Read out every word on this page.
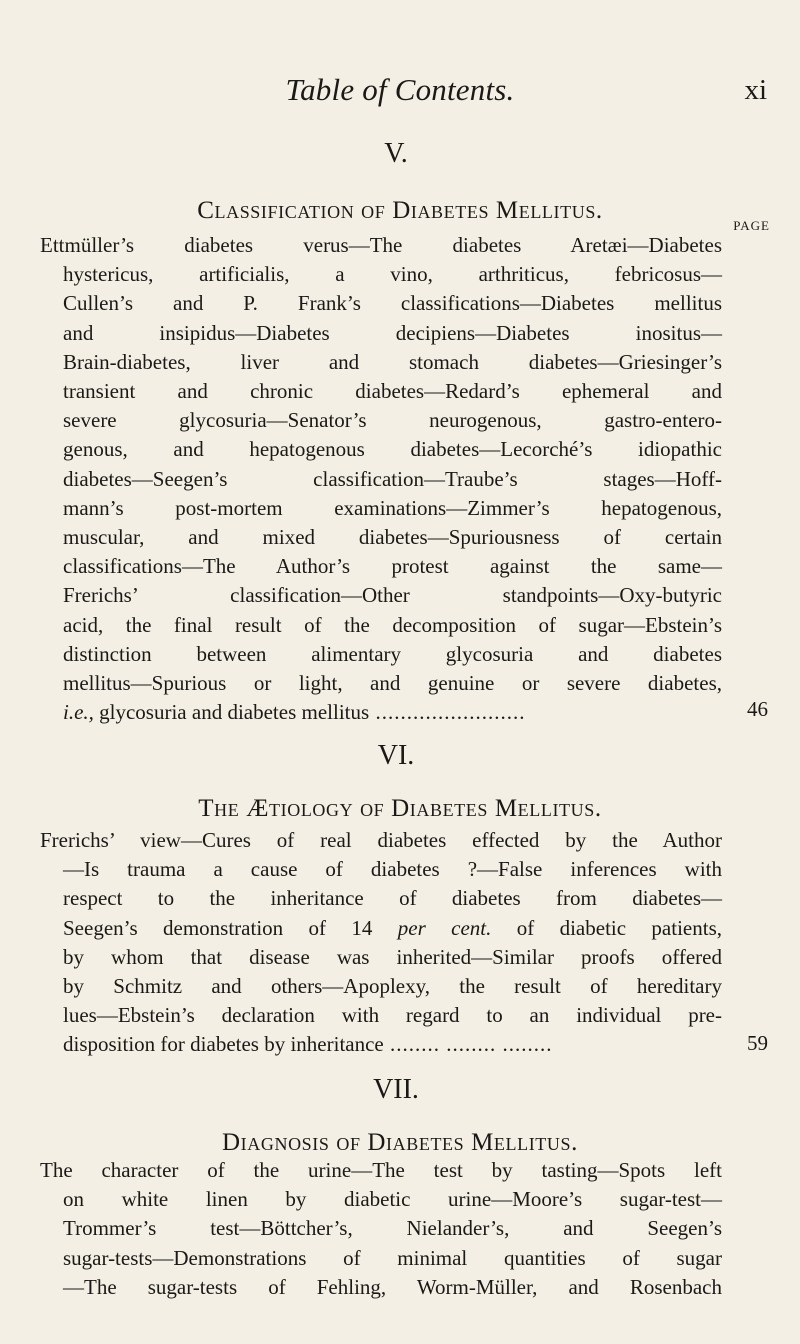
Table of Contents.	xi
V.
Classification of Diabetes Mellitus.
PAGE
Ettmüller’s diabetes verus—The diabetes Aretæi—Diabetes
hystericus, artificialis, a vino, arthriticus, febricosus—
Cullen’s and P. Frank’s classifications—Diabetes mellitus
and insipidus—Diabetes decipiens—Diabetes inositus—
Brain-diabetes, liver and stomach diabetes—Griesinger’s
transient and chronic diabetes—Redard’s ephemeral and
severe glycosuria—Senator’s neurogenous, gastro-entero-
genous, and hepatogenous diabetes—Lecorché’s idiopathic
diabetes—Seegen’s classification—Traube’s stages—Hoff-
mann’s post-mortem examinations—Zimmer’s hepatogenous,
muscular, and mixed diabetes—Spuriousness of certain
classifications—The Author’s protest against the same—
Frerichs’ classification—Other standpoints—Oxy-butyric
acid, the final result of the decomposition of sugar—Ebstein’s
distinction between alimentary glycosuria and diabetes
mellitus—Spurious or light, and genuine or severe diabetes,
i.e., glycosuria and diabetes mellitus ........................	46
VI.
The Ætiology of Diabetes Mellitus.
Frerichs’ view—Cures of real diabetes effected by the Author
—Is trauma a cause of diabetes ?—False inferences with
respect to the inheritance of diabetes from diabetes—
Seegen’s demonstration of 14 per cent. of diabetic patients,
by whom that disease was inherited—Similar proofs offered
by Schmitz and others—Apoplexy, the result of hereditary
lues—Ebstein’s declaration with regard to an individual pre-
disposition for diabetes by inheritance ........ ........ ........	59
VII.
Diagnosis of Diabetes Mellitus.
The character of the urine—The test by tasting—Spots left
on white linen by diabetic urine—Moore’s sugar-test—
Trommer’s test—Böttcher’s, Nielander’s, and Seegen’s
sugar-tests—Demonstrations of minimal quantities of sugar
—The sugar-tests of Fehling, Worm-Müller, and Rosenbach
